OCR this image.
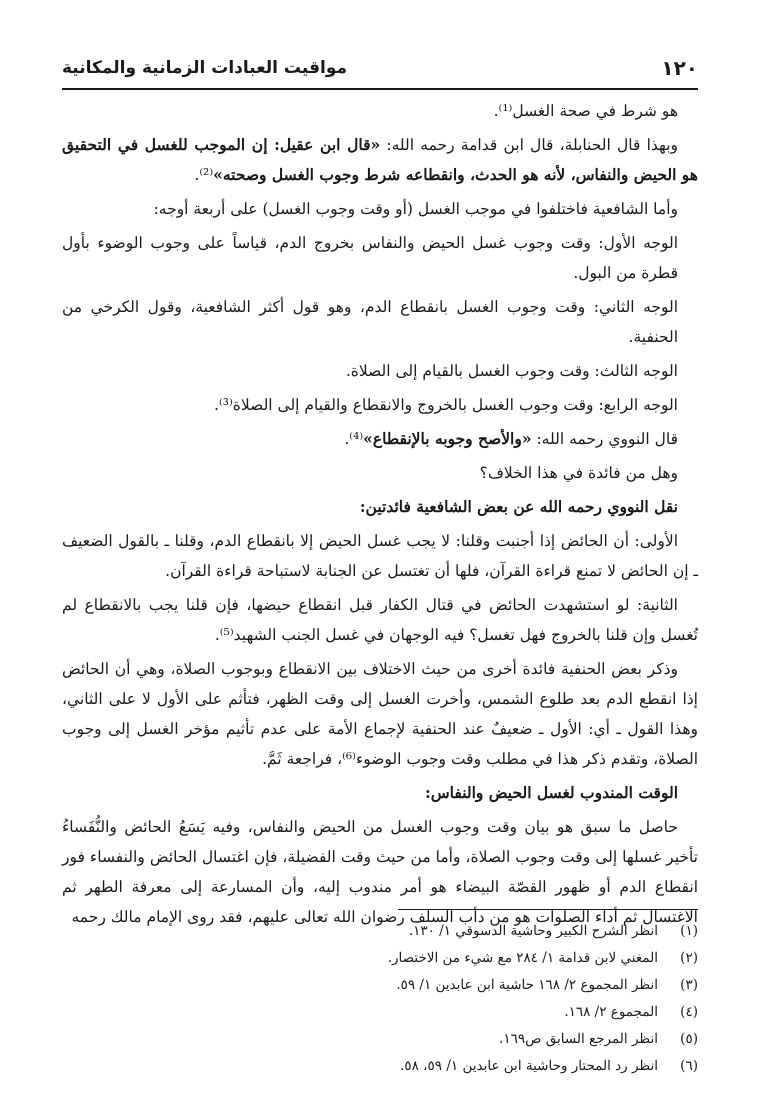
١٢٠
مواقيت العبادات الزمانية والمكانية

هو شرط في صحة الغسل⁽¹⁾.

وبهذا قال الحنابلة، قال ابن قدامة رحمه الله: «قال ابن عقيل: إن الموجب للغسل في التحقيق هو الحيض والنفاس، لأنه هو الحدث، وانقطاعه شرط وجوب الغسل وصحته»⁽²⁾.

وأما الشافعية فاختلفوا في موجب الغسل (أو وقت وجوب الغسل) على أربعة أوجه:

الوجه الأول: وقت وجوب غسل الحيض والنفاس بخروج الدم، قياساً على وجوب الوضوء بأول قطرة من البول.

الوجه الثاني: وقت وجوب الغسل بانقطاع الدم، وهو قول أكثر الشافعية، وقول الكرخي من الحنفية.

الوجه الثالث: وقت وجوب الغسل بالقيام إلى الصلاة.

الوجه الرابع: وقت وجوب الغسل بالخروج والانقطاع والقيام إلى الصلاة⁽³⁾.

قال النووي رحمه الله: «والأصح وجوبه بالإنقطاع»⁽⁴⁾.

وهل من فائدة في هذا الخلاف؟

نقل النووي رحمه الله عن بعض الشافعية فائدتين:

الأولى: أن الحائض إذا أجنبت وقلنا: لا يجب غسل الحيض إلا بانقطاع الدم، وقلنا ـ بالقول الضعيف ـ إن الحائض لا تمنع قراءة القرآن، فلها أن تغتسل عن الجنابة لاستباحة قراءة القرآن.

الثانية: لو استشهدت الحائض في قتال الكفار قبل انقطاع حيضها، فإن قلنا يجب بالانقطاع لم تُغسل وإن قلنا بالخروج فهل تغسل؟ فيه الوجهان في غسل الجنب الشهيد⁽⁵⁾.

وذكر بعض الحنفية فائدة أخرى من حيث الاختلاف بين الانقطاع وبوجوب الصلاة، وهي أن الحائض إذا انقطع الدم بعد طلوع الشمس، وأخرت الغسل إلى وقت الظهر، فتأثم على الأول لا على الثاني، وهذا القول ـ أي: الأول ـ ضعيفٌ عند الحنفية لإجماع الأمة على عدم تأثيم مؤخر الغسل إلى وجوب الصلاة، وتقدم ذكر هذا في مطلب وقت وجوب الوضوء⁽⁶⁾، فراجعة ثَمَّ.

الوقت المندوب لغسل الحيض والنفاس:

حاصل ما سبق هو بيان وقت وجوب الغسل من الحيض والنفاس، وفيه يَسَعُ الحائض والنُّفَساءُ تأخير غسلها إلى وقت وجوب الصلاة، وأما من حيث وقت الفضيلة، فإن اغتسال الحائض والنفساء فور انقطاع الدم أو ظهور القصّة البيضاء هو أمر مندوب إليه، وأن المسارعة إلى معرفة الطهر ثم الاغتسال ثم أداء الصلوات هو من دأب السلف رضوان الله تعالى عليهم، فقد روى الإمام مالك رحمه

(١)
انظر الشرح الكبير وحاشية الدسوقي ١/ ١٣٠.
(٢)
المغني لابن قدامة ١/ ٢٨٤ مع شيء من الاختصار.
(٣)
انظر المجموع ٢/ ١٦٨ حاشية ابن عابدين ١/ ٥٩.
(٤)
المجموع ٢/ ١٦٨.
(٥)
انظر المرجع السابق ص١٦٩.
(٦)
انظر رد المحتار وحاشية ابن عابدين ١/ ٥٩، ٥٨.
